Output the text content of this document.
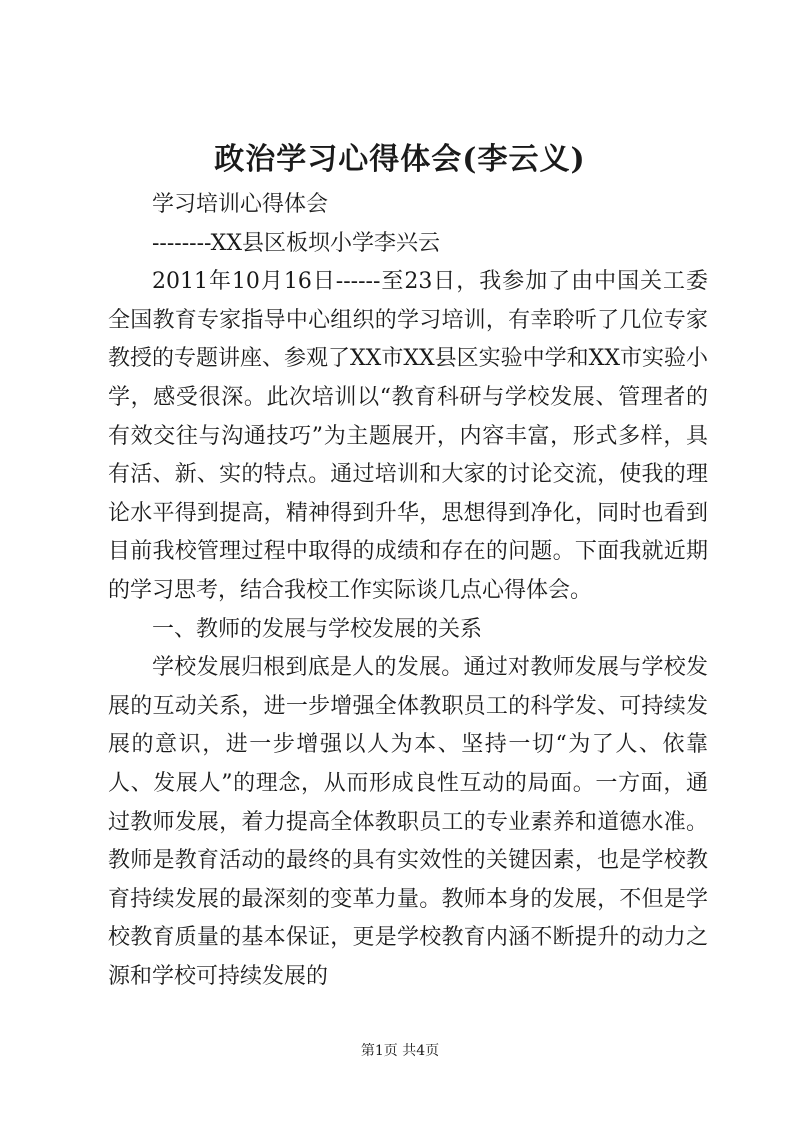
政治学习心得体会(李云义)

学习培训心得体会

--------XX县区板坝小学李兴云

2011年10月16日------至23日，我参加了由中国关工委全国教育专家指导中心组织的学习培训，有幸聆听了几位专家教授的专题讲座、参观了XX市XX县区实验中学和XX市实验小学，感受很深。此次培训以“教育科研与学校发展、管理者的有效交往与沟通技巧”为主题展开，内容丰富，形式多样，具有活、新、实的特点。通过培训和大家的讨论交流，使我的理论水平得到提高，精神得到升华，思想得到净化，同时也看到目前我校管理过程中取得的成绩和存在的问题。下面我就近期的学习思考，结合我校工作实际谈几点心得体会。

一、教师的发展与学校发展的关系

学校发展归根到底是人的发展。通过对教师发展与学校发展的互动关系，进一步增强全体教职员工的科学发、可持续发展的意识，进一步增强以人为本、坚持一切“为了人、依靠人、发展人”的理念，从而形成良性互动的局面。一方面，通过教师发展，着力提高全体教职员工的专业素养和道德水准。教师是教育活动的最终的具有实效性的关键因素，也是学校教育持续发展的最深刻的变革力量。教师本身的发展，不但是学校教育质量的基本保证，更是学校教育内涵不断提升的动力之源和学校可持续发展的

第1页 共4页
